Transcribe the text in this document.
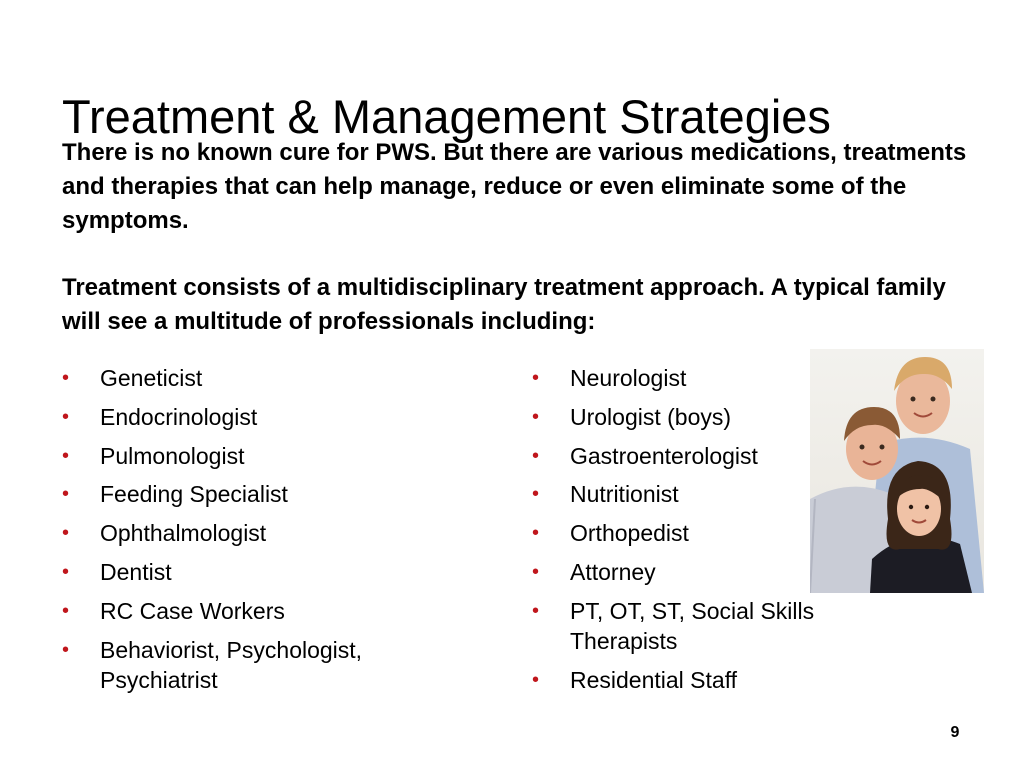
Treatment & Management Strategies

There is no known cure for PWS. But there are various medications, treatments and therapies that can help manage, reduce or even eliminate some of the symptoms.

Treatment consists of a multidisciplinary treatment approach. A typical family will see a multitude of professionals including:

• Geneticist
• Endocrinologist
• Pulmonologist
• Feeding Specialist
• Ophthalmologist
• Dentist
• RC Case Workers
• Behaviorist, Psychologist, Psychiatrist
• Neurologist
• Urologist (boys)
• Gastroenterologist
• Nutritionist
• Orthopedist
• Attorney
• PT, OT, ST, Social Skills Therapists
• Residential Staff
9
